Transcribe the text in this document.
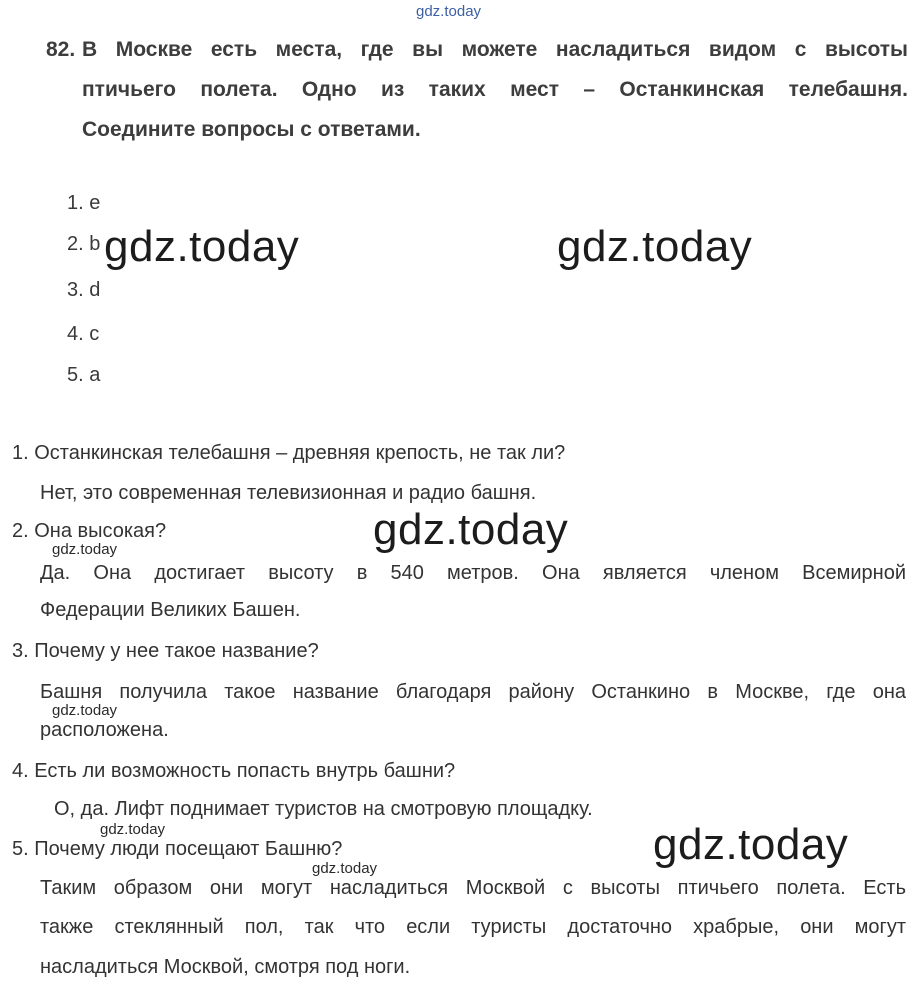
gdz.today
82. В Москве есть места, где вы можете насладиться видом с высоты
птичьего полета. Одно из таких мест – Останкинская телебашня.
Соедините вопросы с ответами.
1. e
2. b
3. d
4. c
5. a
gdz.today	gdz.today
gdz.today
gdz.today
1. Останкинская телебашня – древняя крепость, не так ли?
Нет, это современная телевизионная и радио башня.
2. Она высокая?
Да. Она достигает высоту в 540 метров. Она является членом Всемирной
Федерации Великих Башен.
3. Почему у нее такое название?
Башня получила такое название благодаря району Останкино в Москве, где она
расположена.
4. Есть ли возможность попасть внутрь башни?
О, да. Лифт поднимает туристов на смотровую площадку.
5. Почему люди посещают Башню?
Таким образом они могут насладиться Москвой с высоты птичьего полета. Есть
также стеклянный пол, так что если туристы достаточно храбрые, они могут
насладиться Москвой, смотря под ноги.
gdz.today
gdz.today
gdz.today
gdz.today
